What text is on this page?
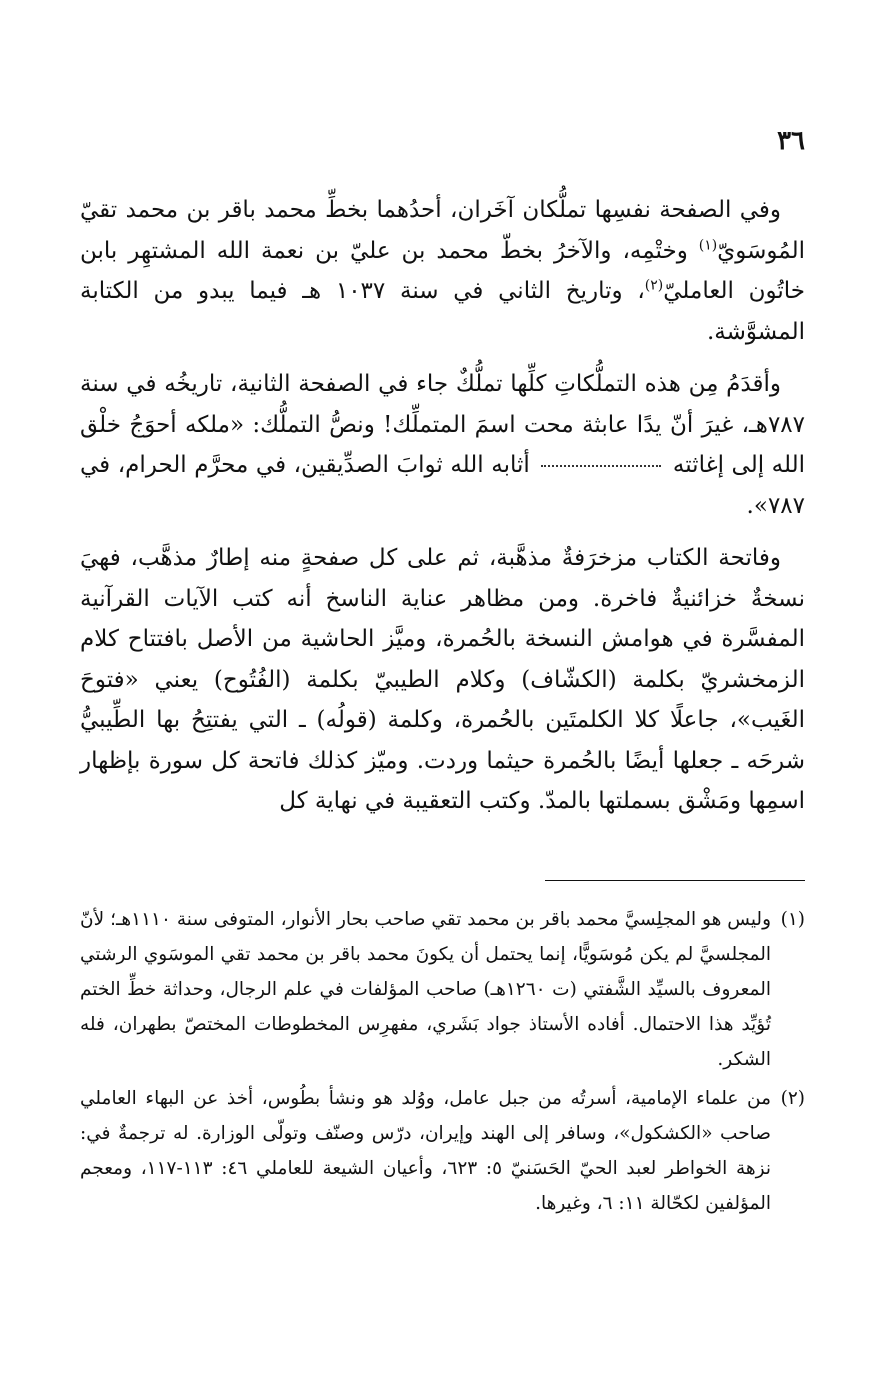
٣٦

وفي الصفحة نفسِها تملُّكان آخَران، أحدُهما بخطِّ محمد باقر بن محمد تقيّ المُوسَويّ$^{(١)}$ وختْمِه، والآخرُ بخطّ محمد بن عليّ بن نعمة الله المشتهِر بابن خاتُون العامليّ$^{(٢)}$، وتاريخ الثاني في سنة ١٠٣٧ هـ فيما يبدو من الكتابة المشوَّشة.

وأقدَمُ مِن هذه التملُّكاتِ كلِّها تملُّكٌ جاء في الصفحة الثانية، تاريخُه في سنة ٧٨٧هـ، غيرَ أنّ يدًا عابثة محت اسمَ المتملِّك! ونصُّ التملُّك: «ملكه أحوَجُ خلْق الله إلى إغاثته  أثابه الله ثوابَ الصدِّيقين، في محرَّم الحرام، في ٧٨٧».

وفاتحة الكتاب مزخرَفةٌ مذهَّبة، ثم على كل صفحةٍ منه إطارٌ مذهَّب، فهيَ نسخةٌ خزائنيةٌ فاخرة. ومن مظاهر عناية الناسخ أنه كتب الآيات القرآنية المفسَّرة في هوامش النسخة بالحُمرة، وميَّز الحاشية من الأصل بافتتاح كلام الزمخشريّ بكلمة (الكشّاف) وكلام الطيبيّ بكلمة (الفُتُوح) يعني «فتوحَ الغَيب»، جاعلًا كلا الكلمتَين بالحُمرة، وكلمة (قولُه) ـ التي يفتتِحُ بها الطِّيبيُّ شرحَه ـ جعلها أيضًا بالحُمرة حيثما وردت. وميّز كذلك فاتحة كل سورة بإظهار اسمِها ومَشْق بسملتها بالمدّ. وكتب التعقيبة في نهاية كل

(١)
وليس هو المجلِسيَّ محمد باقر بن محمد تقي صاحب بحار الأنوار، المتوفى سنة ١١١٠هـ؛ لأنّ المجلسيَّ لم يكن مُوسَويًّا، إنما يحتمل أن يكونَ محمد باقر بن محمد تقي الموسَوي الرشتي المعروف بالسيِّد الشَّفتي (ت ١٢٦٠هـ) صاحب المؤلفات في علم الرجال، وحداثة خطِّ الختم تُؤيِّد هذا الاحتمال. أفاده الأستاذ جواد بَشَري، مفهرِس المخطوطات المختصّ بطهران، فله الشكر.
(٢)
من علماء الإمامية، أسرتُه من جبل عامل، ووُلد هو ونشأ بطُوس، أخذ عن البهاء العاملي صاحب «الكشكول»، وسافر إلى الهند وإيران، درّس وصنّف وتولّى الوزارة. له ترجمةٌ في: نزهة الخواطر لعبد الحيّ الحَسَنيّ ٥: ٦٢٣، وأعيان الشيعة للعاملي ٤٦: ١١٣-١١٧، ومعجم المؤلفين لكحّالة ١١: ٦، وغيرها.
